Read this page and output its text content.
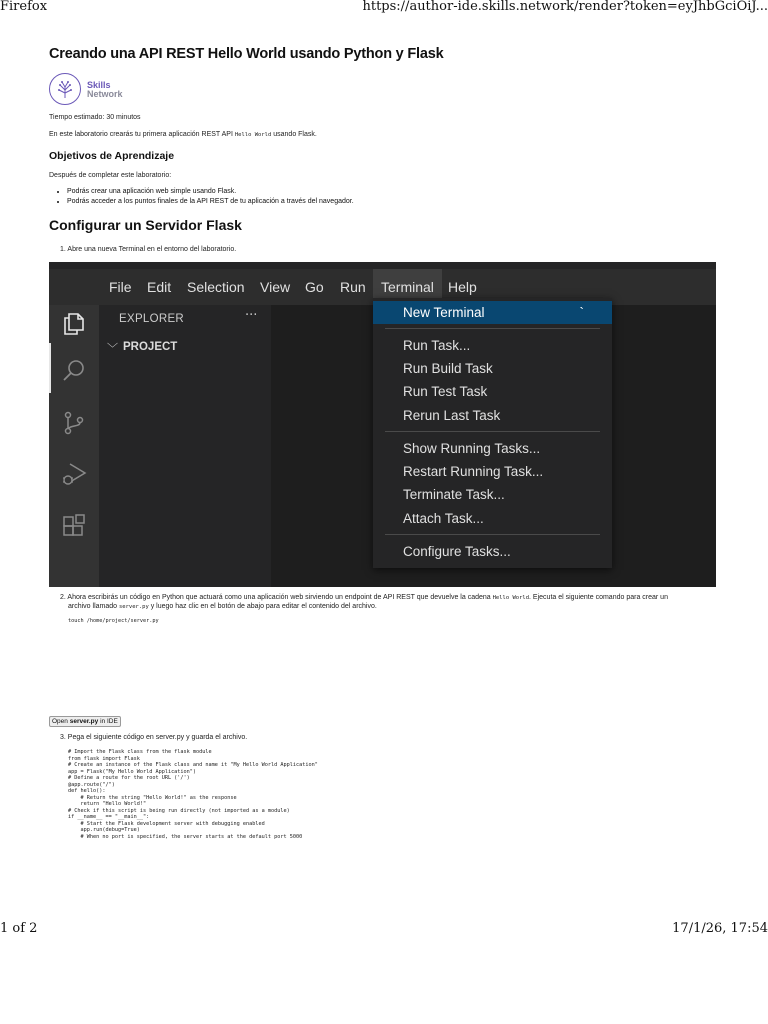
Firefox	https://author-ide.skills.network/render?token=eyJhbGciOiJ...
Creando una API REST Hello World usando Python y Flask
Skills
Network
Tiempo estimado: 30 minutos
En este laboratorio crearás tu primera aplicación REST API Hello World usando Flask.
Objetivos de Aprendizaje
Después de completar este laboratorio:
• Podrás crear una aplicación web simple usando Flask.
• Podrás acceder a los puntos finales de la API REST de tu aplicación a través del navegador.
Configurar un Servidor Flask
1. Abre una nueva Terminal en el entorno del laboratorio.
File Edit Selection View Go Run	Terminal	Help
EXPLORER	···
﹀ PROJECT
New Terminal	`
Run Task...
Run Build Task
Run Test Task
Rerun Last Task
Show Running Tasks...
Restart Running Task...
Terminate Task...
Attach Task...
Configure Tasks...
2. Ahora escribirás un código en Python que actuará como una aplicación web sirviendo un endpoint de API REST que devuelve la cadena Hello World. Ejecuta el siguiente comando para crear un
archivo llamado server.py y luego haz clic en el botón de abajo para editar el contenido del archivo.
touch /home/project/server.py
Open server.py in IDE
3. Pega el siguiente código en server.py y guarda el archivo.
# Import the Flask class from the flask module
from flask import Flask
# Create an instance of the Flask class and name it "My Hello World Application"
app = Flask("My Hello World Application")
# Define a route for the root URL ('/')
@app.route("/")
def hello():
# Return the string "Hello World!" as the response
return "Hello World!"
# Check if this script is being run directly (not imported as a module)
if __name__ == "__main__":
# Start the Flask development server with debugging enabled
app.run(debug=True)
# When no port is specified, the server starts at the default port 5000
1 of 2	17/1/26, 17:54
